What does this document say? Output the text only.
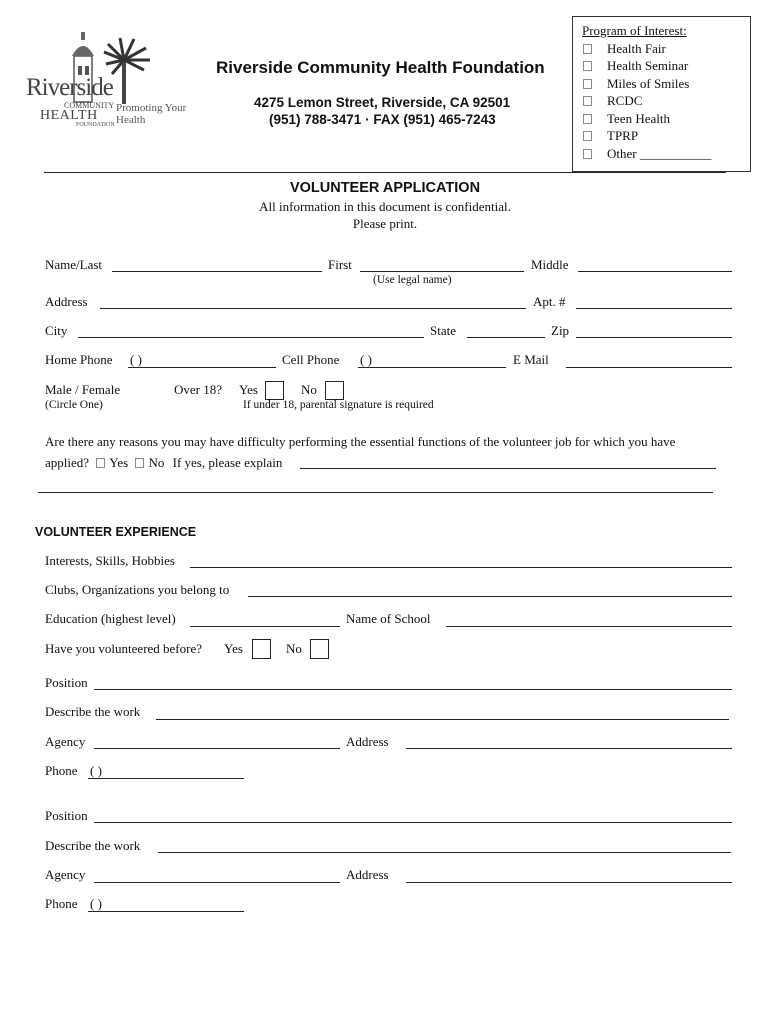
Riverside
COMMUNITY
HEALTH
FOUNDATION
Promoting Your Health
Riverside Community Health Foundation
4275 Lemon Street, Riverside, CA 92501
(951) 788-3471 · FAX (951) 465-7243
Program of Interest:
Health Fair
Health Seminar
Miles of Smiles
RCDC
Teen Health
TPRP
Other ___________
VOLUNTEER APPLICATION
All information in this document is confidential.
Please print.
Name/Last	First	Middle
(Use legal name)
Address	Apt. #
City	State	Zip
Home Phone ( )	Cell Phone ( )	E Mail
Male / Female
(Circle One)
Over 18? Yes	No
If under 18, parental signature is required
Are there any reasons you may have difficulty performing the essential functions of the volunteer job for which you have
applied? Yes No If yes, please explain
VOLUNTEER EXPERIENCE
Interests, Skills, Hobbies
Clubs, Organizations you belong to
Education (highest level)	Name of School
Have you volunteered before? Yes	No
Position
Describe the work
Agency	Address
Phone ( )
Position
Describe the work
Agency	Address
Phone ( )
